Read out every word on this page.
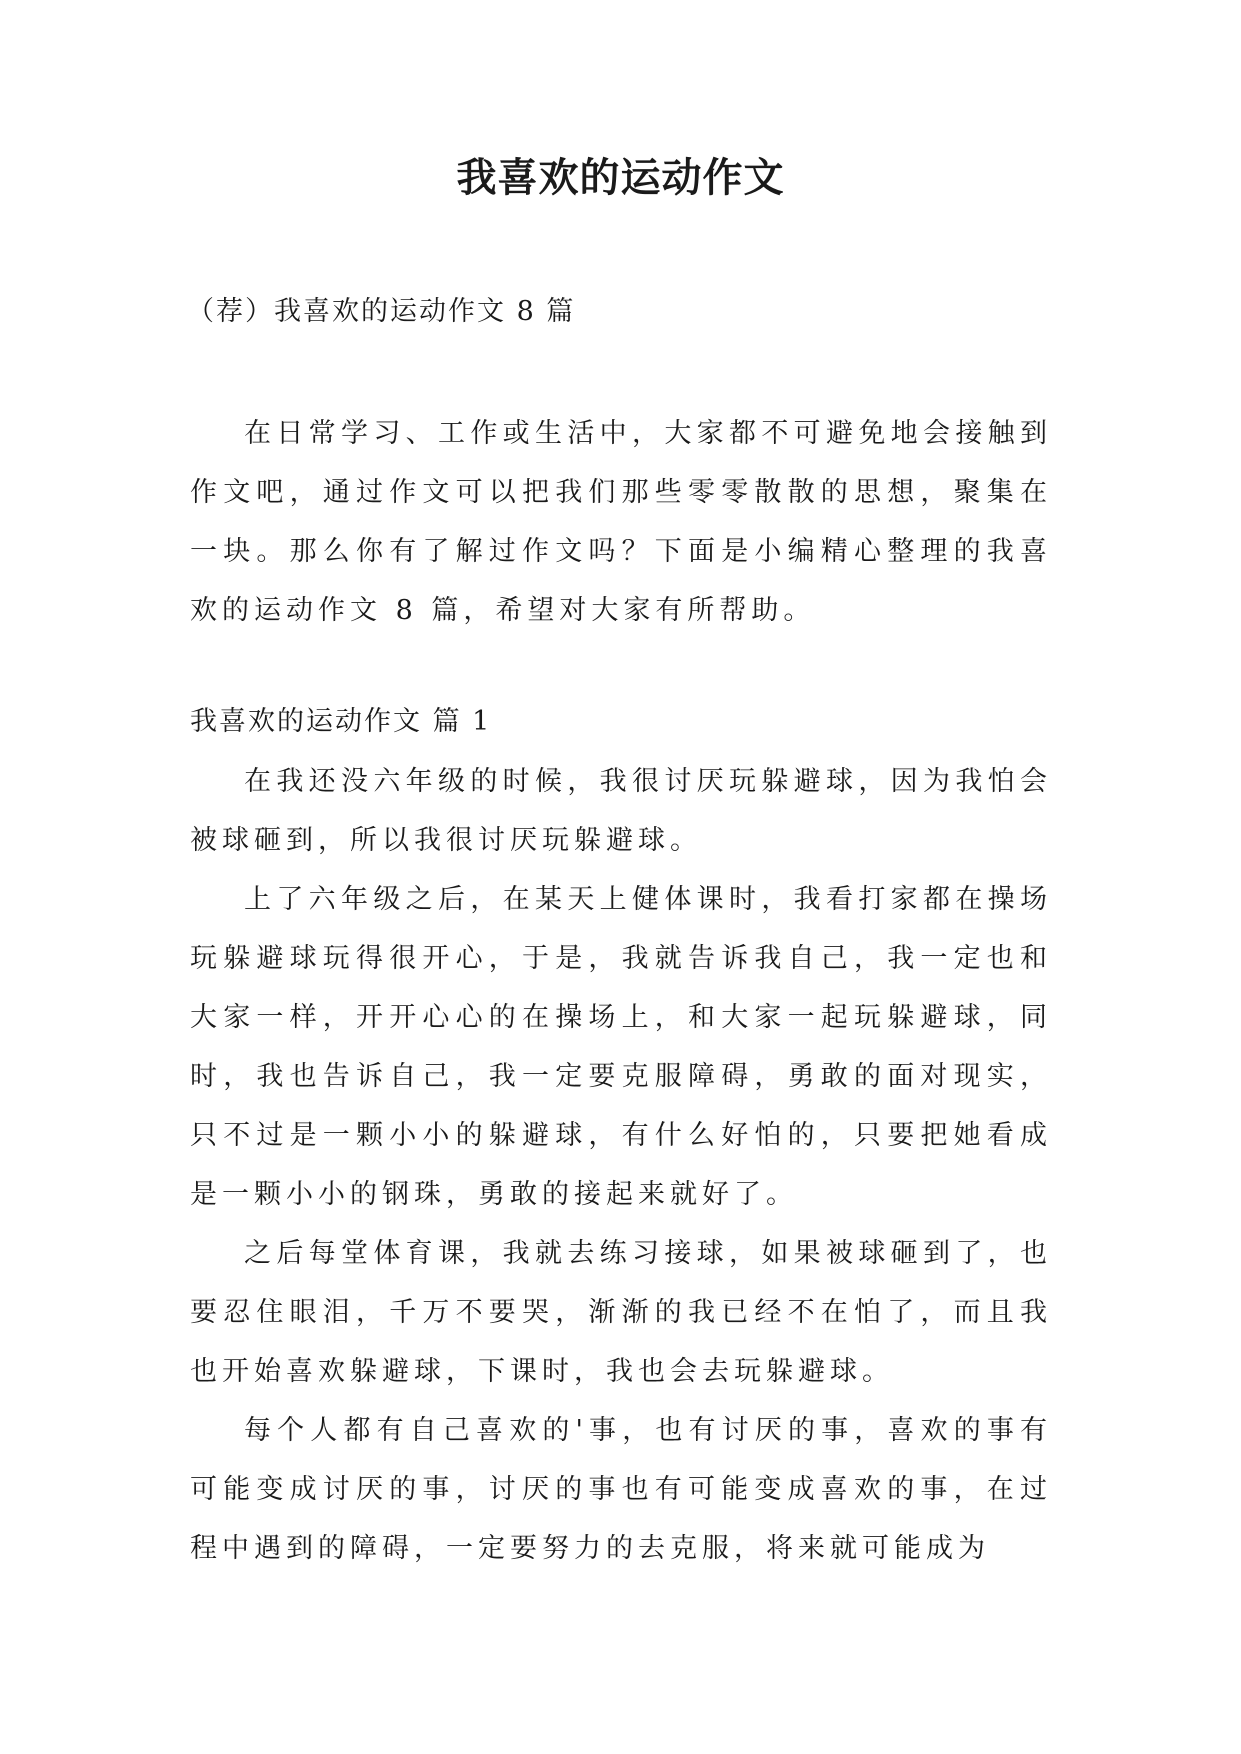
我喜欢的运动作文
（荐）我喜欢的运动作文 8 篇

在日常学习、工作或生活中，大家都不可避免地会接触到作文吧，通过作文可以把我们那些零零散散的思想，聚集在一块。那么你有了解过作文吗？下面是小编精心整理的我喜欢的运动作文 8 篇，希望对大家有所帮助。

我喜欢的运动作文 篇 1

在我还没六年级的时候，我很讨厌玩躲避球，因为我怕会被球砸到，所以我很讨厌玩躲避球。

上了六年级之后，在某天上健体课时，我看打家都在操场玩躲避球玩得很开心，于是，我就告诉我自己，我一定也和大家一样，开开心心的在操场上，和大家一起玩躲避球，同时，我也告诉自己，我一定要克服障碍，勇敢的面对现实，只不过是一颗小小的躲避球，有什么好怕的，只要把她看成是一颗小小的钢珠，勇敢的接起来就好了。

之后每堂体育课，我就去练习接球，如果被球砸到了，也要忍住眼泪，千万不要哭，渐渐的我已经不在怕了，而且我也开始喜欢躲避球，下课时，我也会去玩躲避球。

每个人都有自己喜欢的'事，也有讨厌的事，喜欢的事有可能变成讨厌的事，讨厌的事也有可能变成喜欢的事，在过程中遇到的障碍，一定要努力的去克服，将来就可能成为
